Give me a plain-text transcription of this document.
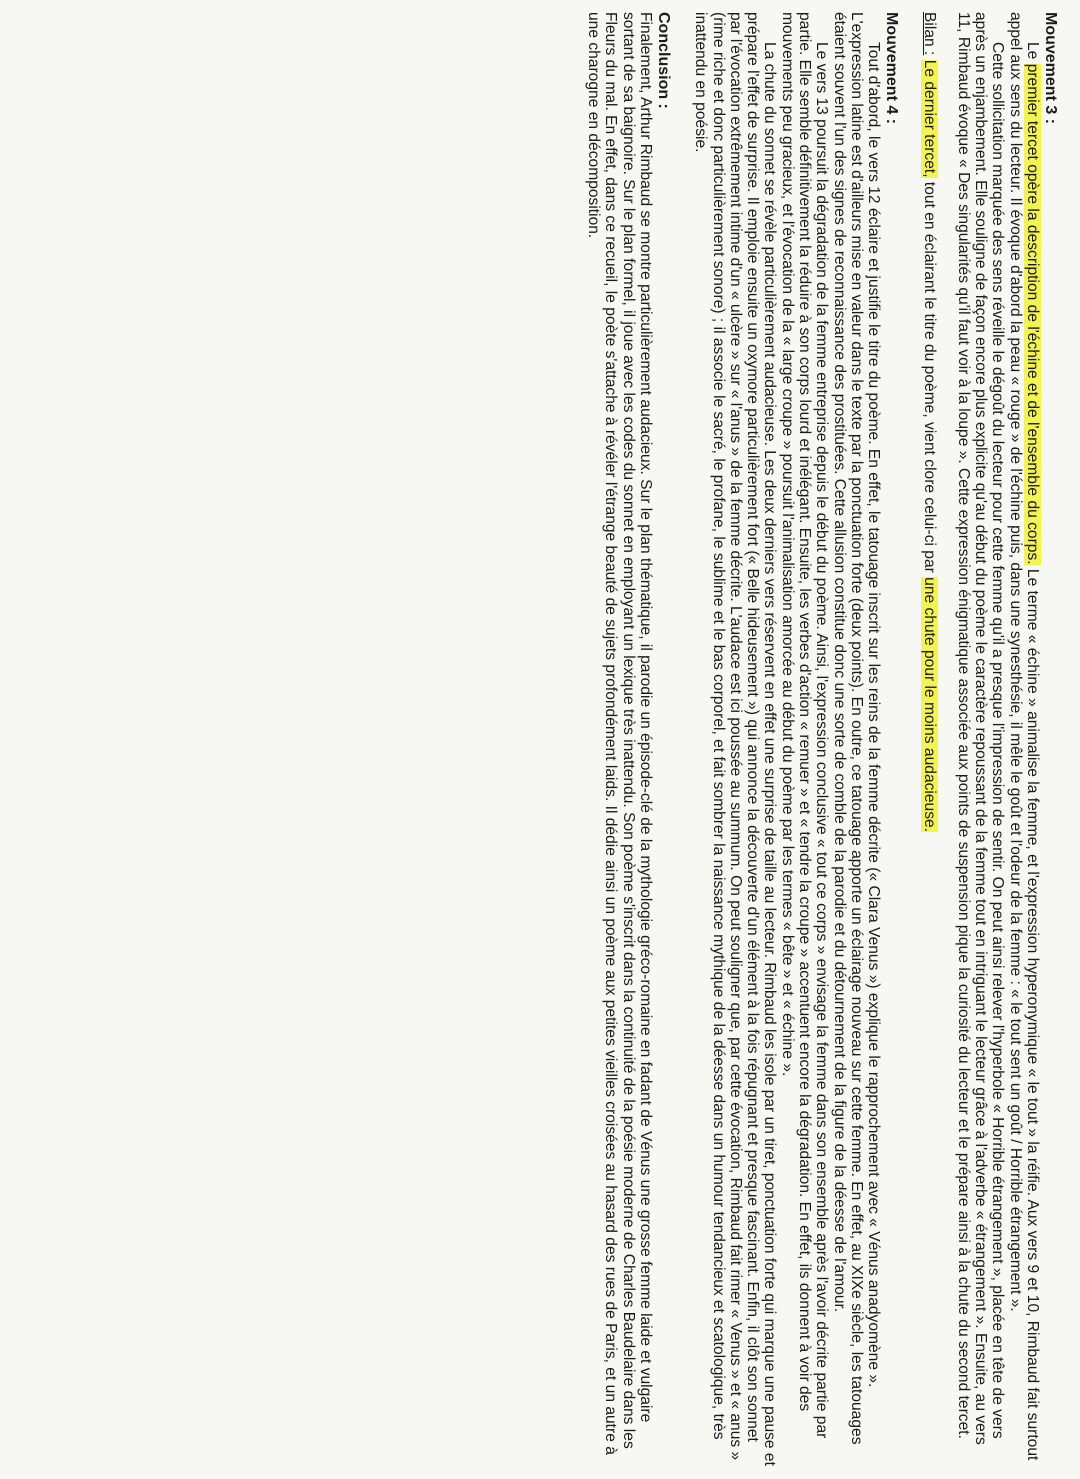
Mouvement 3 :

Le premier tercet opère la description de l'échine et de l'ensemble du corps. Le terme « échine » animalise la femme, et l'expression hyperonymique « le tout » la réifie. Aux vers 9 et 10, Rimbaud fait surtout appel aux sens du lecteur. Il évoque d'abord la peau « rouge » de l'échine puis, dans une synesthésie, il mêle le goût et l'odeur de la femme : « le tout sent un goût / Horrible étrangement ».

Cette sollicitation marquée des sens réveille le dégoût du lecteur pour cette femme qu'il a presque l'impression de sentir. On peut ainsi relever l'hyperbole « Horrible étrangement », placée en tête de vers après un enjambement. Elle souligne de façon encore plus explicite qu'au début du poème le caractère repoussant de la femme tout en intriguant le lecteur grâce à l'adverbe « étrangement ». Ensuite, au vers 11, Rimbaud évoque « Des singularités qu'il faut voir à la loupe ». Cette expression énigmatique associée aux points de suspension pique la curiosité du lecteur et le prépare ainsi à la chute du second tercet.

Bilan : Le dernier tercet, tout en éclairant le titre du poème, vient clore celui-ci par une chute pour le moins audacieuse.

Mouvement 4 :

Tout d'abord, le vers 12 éclaire et justifie le titre du poème. En effet, le tatouage inscrit sur les reins de la femme décrite (« Clara Venus ») explique le rapprochement avec « Vénus anadyomène ». L'expression latine est d'ailleurs mise en valeur dans le texte par la ponctuation forte (deux points). En outre, ce tatouage apporte un éclairage nouveau sur cette femme. En effet, au XIXe siècle, les tatouages étaient souvent l'un des signes de reconnaissance des prostituées. Cette allusion constitue donc une sorte de comble de la parodie et du détournement de la figure de la déesse de l'amour.

Le vers 13 poursuit la dégradation de la femme entreprise depuis le début du poème. Ainsi, l'expression conclusive « tout ce corps » envisage la femme dans son ensemble après l'avoir décrite partie par partie. Elle semble définitivement la réduire à son corps lourd et inélégant. Ensuite, les verbes d'action « remuer » et « tendre la croupe » accentuent encore la dégradation. En effet, ils donnent à voir des mouvements peu gracieux, et l'évocation de la « large croupe » poursuit l'animalisation amorcée au début du poème par les termes « bête » et « échine ».

La chute du sonnet se révèle particulièrement audacieuse. Les deux derniers vers réservent en effet une surprise de taille au lecteur. Rimbaud les isole par un tiret, ponctuation forte qui marque une pause et prépare l'effet de surprise. Il emploie ensuite un oxymore particulièrement fort (« Belle hideusement ») qui annonce la découverte d'un élément à la fois répugnant et presque fascinant. Enfin, il clôt son sonnet par l'évocation extrêmement intime d'un « ulcère » sur « l'anus » de la femme décrite. L'audace est ici poussée au summum. On peut souligner que, par cette évocation, Rimbaud fait rimer « Venus » et « anus » (rime riche et donc particulièrement sonore) ; il associe le sacré, le profane, le sublime et le bas corporel, et fait sombrer la naissance mythique de la déesse dans un humour tendancieux et scatologique, très inattendu en poésie.

Conclusion :

Finalement, Arthur Rimbaud se montre particulièrement audacieux. Sur le plan thématique, il parodie un épisode-clé de la mythologie gréco-romaine en fadant de Vénus une grosse femme laide et vulgaire sortant de sa baignoire. Sur le plan formel, il joue avec les codes du sonnet en employant un lexique très inattendu. Son poème s'inscrit dans la continuité de la poésie moderne de Charles Baudelaire dans les Fleurs du mal. En effet, dans ce recueil, le poète s'attache à révéler l'étrange beauté de sujets profondément laids. Il dédie ainsi un poème aux petites vieilles croisées au hasard des rues de Paris, et un autre à une charogne en décomposition.
